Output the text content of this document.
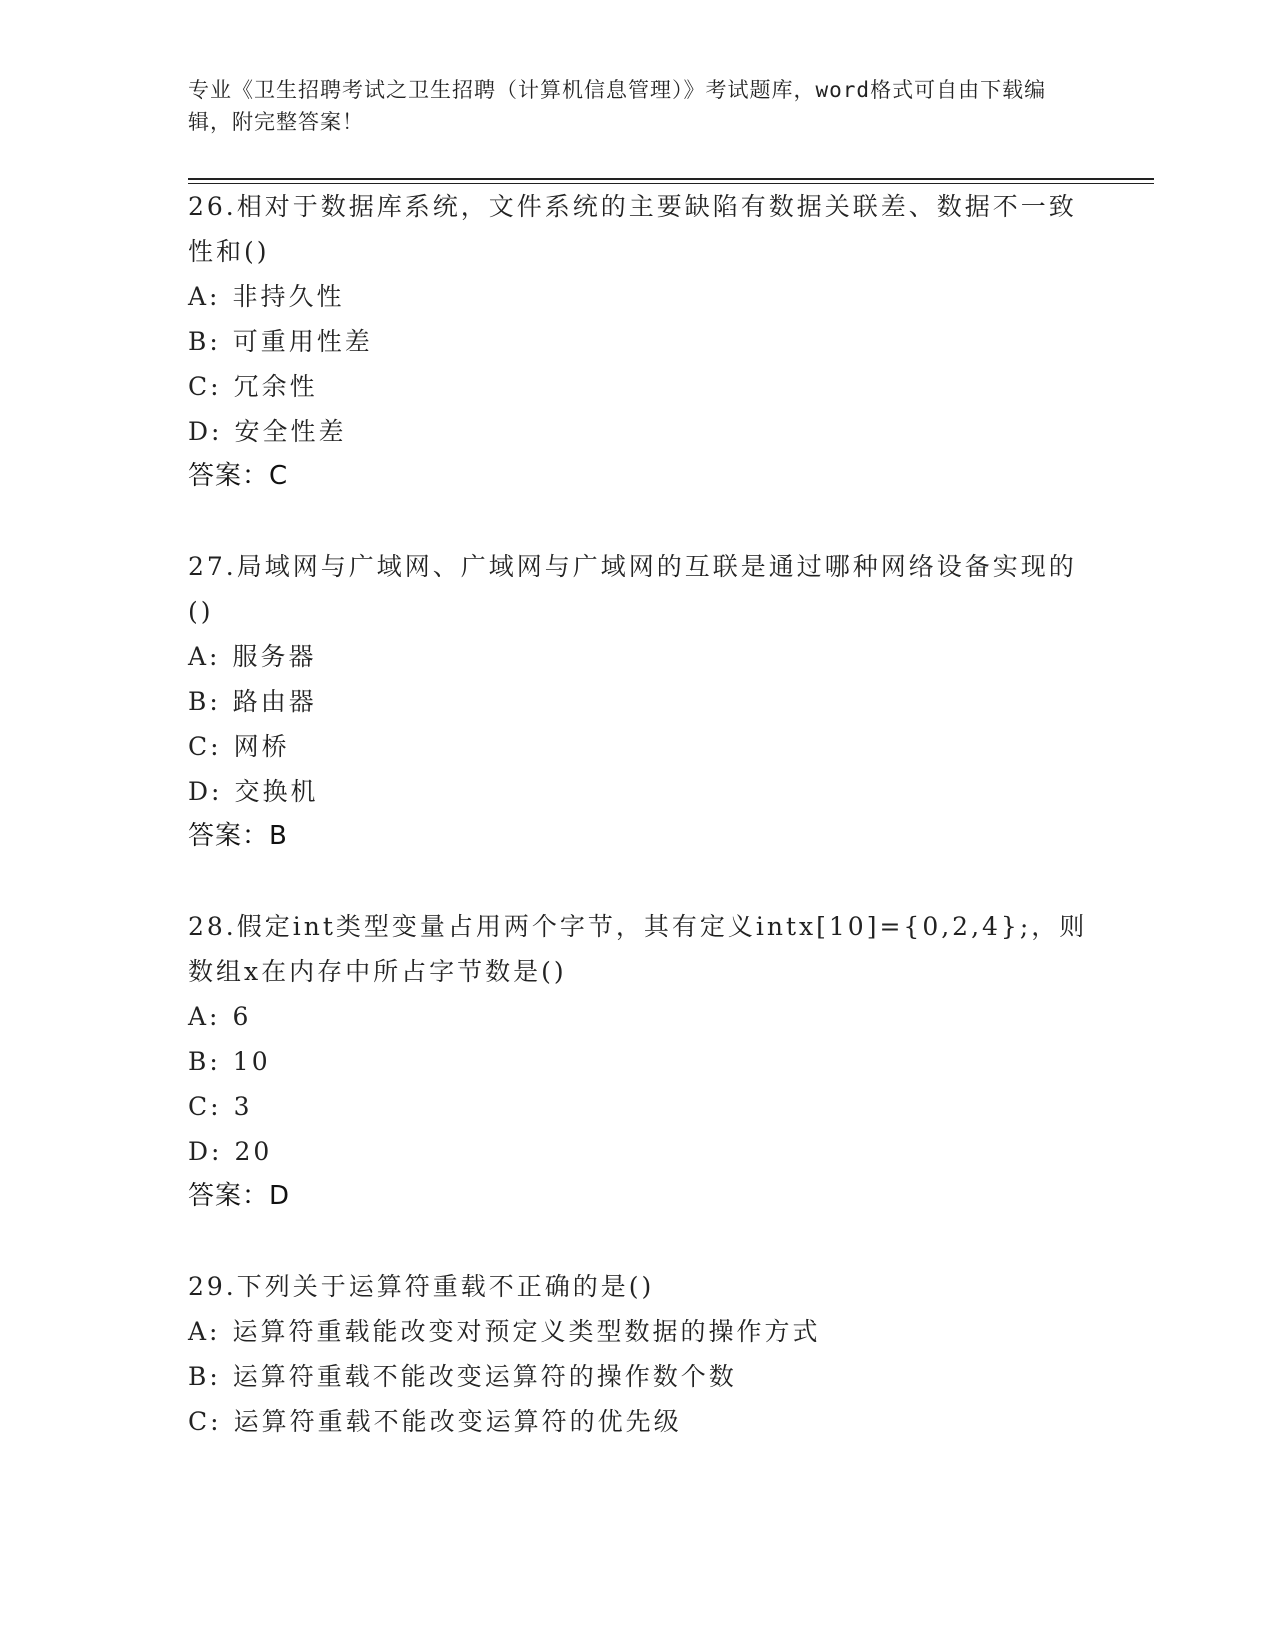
专业《卫生招聘考试之卫生招聘（计算机信息管理）》考试题库，word格式可自由下载编辑，附完整答案！

26.相对于数据库系统，文件系统的主要缺陷有数据关联差、数据不一致性和()

A: 非持久性
B: 可重用性差
C: 冗余性
D: 安全性差
答案：C

27.局域网与广域网、广域网与广域网的互联是通过哪种网络设备实现的()

A: 服务器
B: 路由器
C: 网桥
D: 交换机
答案：B

28.假定int类型变量占用两个字节，其有定义intx[10]={0,2,4};，则数组x在内存中所占字节数是()

A: 6
B: 10
C: 3
D: 20
答案：D

29.下列关于运算符重载不正确的是()

A: 运算符重载能改变对预定义类型数据的操作方式
B: 运算符重载不能改变运算符的操作数个数
C: 运算符重载不能改变运算符的优先级
